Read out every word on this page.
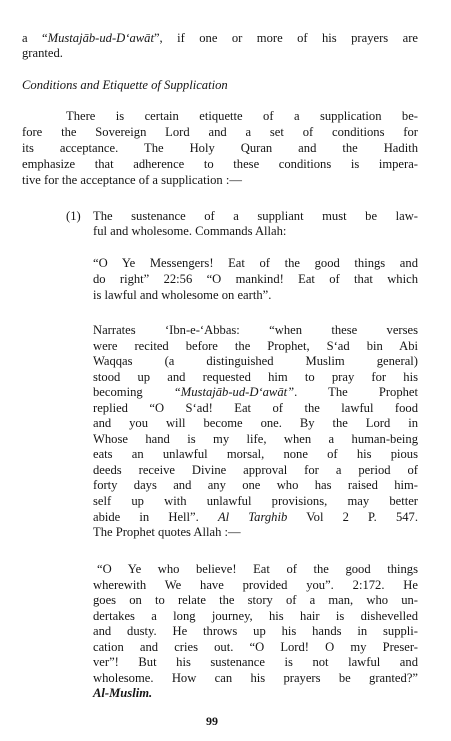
a “Mustajāb-ud-D‘awāt”, if one or more of his prayers are
granted.
Conditions and Etiquette of Supplication
There is certain etiquette of a supplication be-
fore the Sovereign Lord and a set of conditions for
its acceptance. The Holy Quran and the Hadith
emphasize that adherence to these conditions is impera-
tive for the acceptance of a supplication :—
(1) The sustenance of a suppliant must be law-
ful and wholesome. Commands Allah:
“O Ye Messengers! Eat of the good things and
do right” 22:56 “O mankind! Eat of that which
is lawful and wholesome on earth”.
Narrates ‘Ibn-e-‘Abbas: “when these verses
were recited before the Prophet, S‘ad bin Abi
Waqqas (a distinguished Muslim general)
stood up and requested him to pray for his
becoming “Mustajāb-ud-D‘awāt”. The Prophet
replied “O S‘ad! Eat of the lawful food
and you will become one. By the Lord in
Whose hand is my life, when a human-being
eats an unlawful morsal, none of his pious
deeds receive Divine approval for a period of
forty days and any one who has raised him-
self up with unlawful provisions, may better
abide in Hell”. Al Targhib Vol 2 P. 547.
The Prophet quotes Allah :—
“O Ye who believe! Eat of the good things
wherewith We have provided you”. 2:172. He
goes on to relate the story of a man, who un-
dertakes a long journey, his hair is dishevelled
and dusty. He throws up his hands in suppli-
cation and cries out. “O Lord! O my Preser-
ver”! But his sustenance is not lawful and
wholesome. How can his prayers be granted?”
Al-Muslim.
99
